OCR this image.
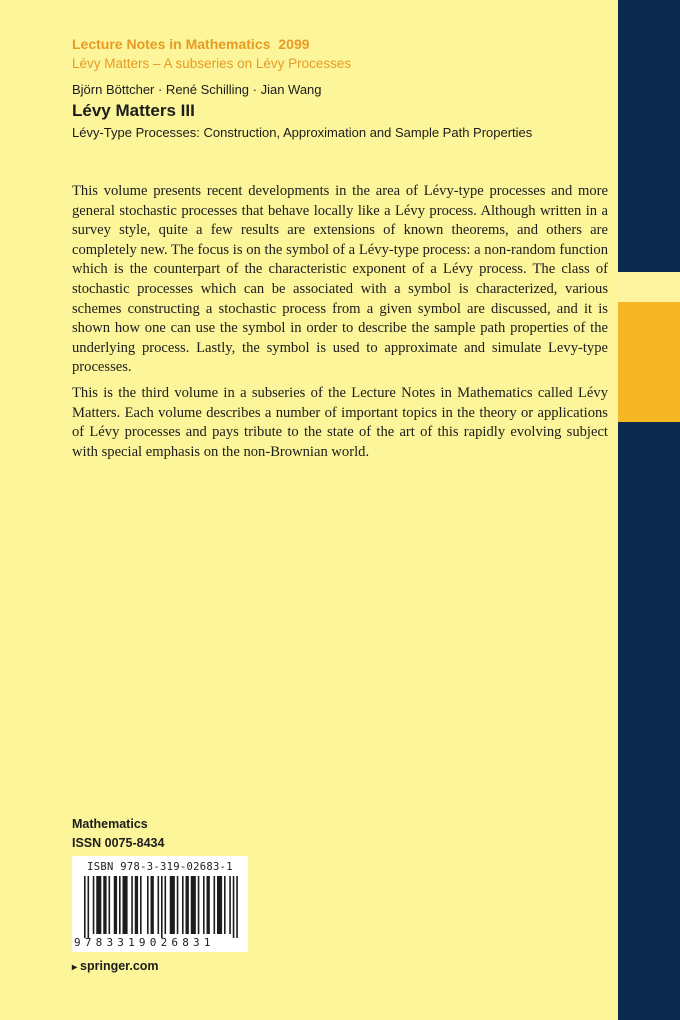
Lecture Notes in Mathematics 2099
Lévy Matters – A subseries on Lévy Processes
Björn Böttcher · René Schilling · Jian Wang
Lévy Matters III
Lévy-Type Processes: Construction, Approximation and Sample Path Properties

This volume presents recent developments in the area of Lévy-type processes and more general stochastic processes that behave locally like a Lévy process. Although written in a survey style, quite a few results are extensions of known theorems, and others are completely new. The focus is on the symbol of a Lévy-type process: a non-random function which is the counterpart of the characteristic exponent of a Lévy process. The class of stochastic processes which can be associated with a symbol is characterized, various schemes constructing a stochastic process from a given symbol are discussed, and it is shown how one can use the symbol in order to describe the sample path properties of the underlying process. Lastly, the symbol is used to approximate and simulate Levy-type processes.

This is the third volume in a subseries of the Lecture Notes in Mathematics called Lévy Matters. Each volume describes a number of important topics in the theory or applications of Lévy processes and pays tribute to the state of the art of this rapidly evolving subject with special emphasis on the non-Brownian world.

Mathematics
ISSN 0075-8434
ISBN 978-3-319-02683-1
9783319026831
▸ springer.com
